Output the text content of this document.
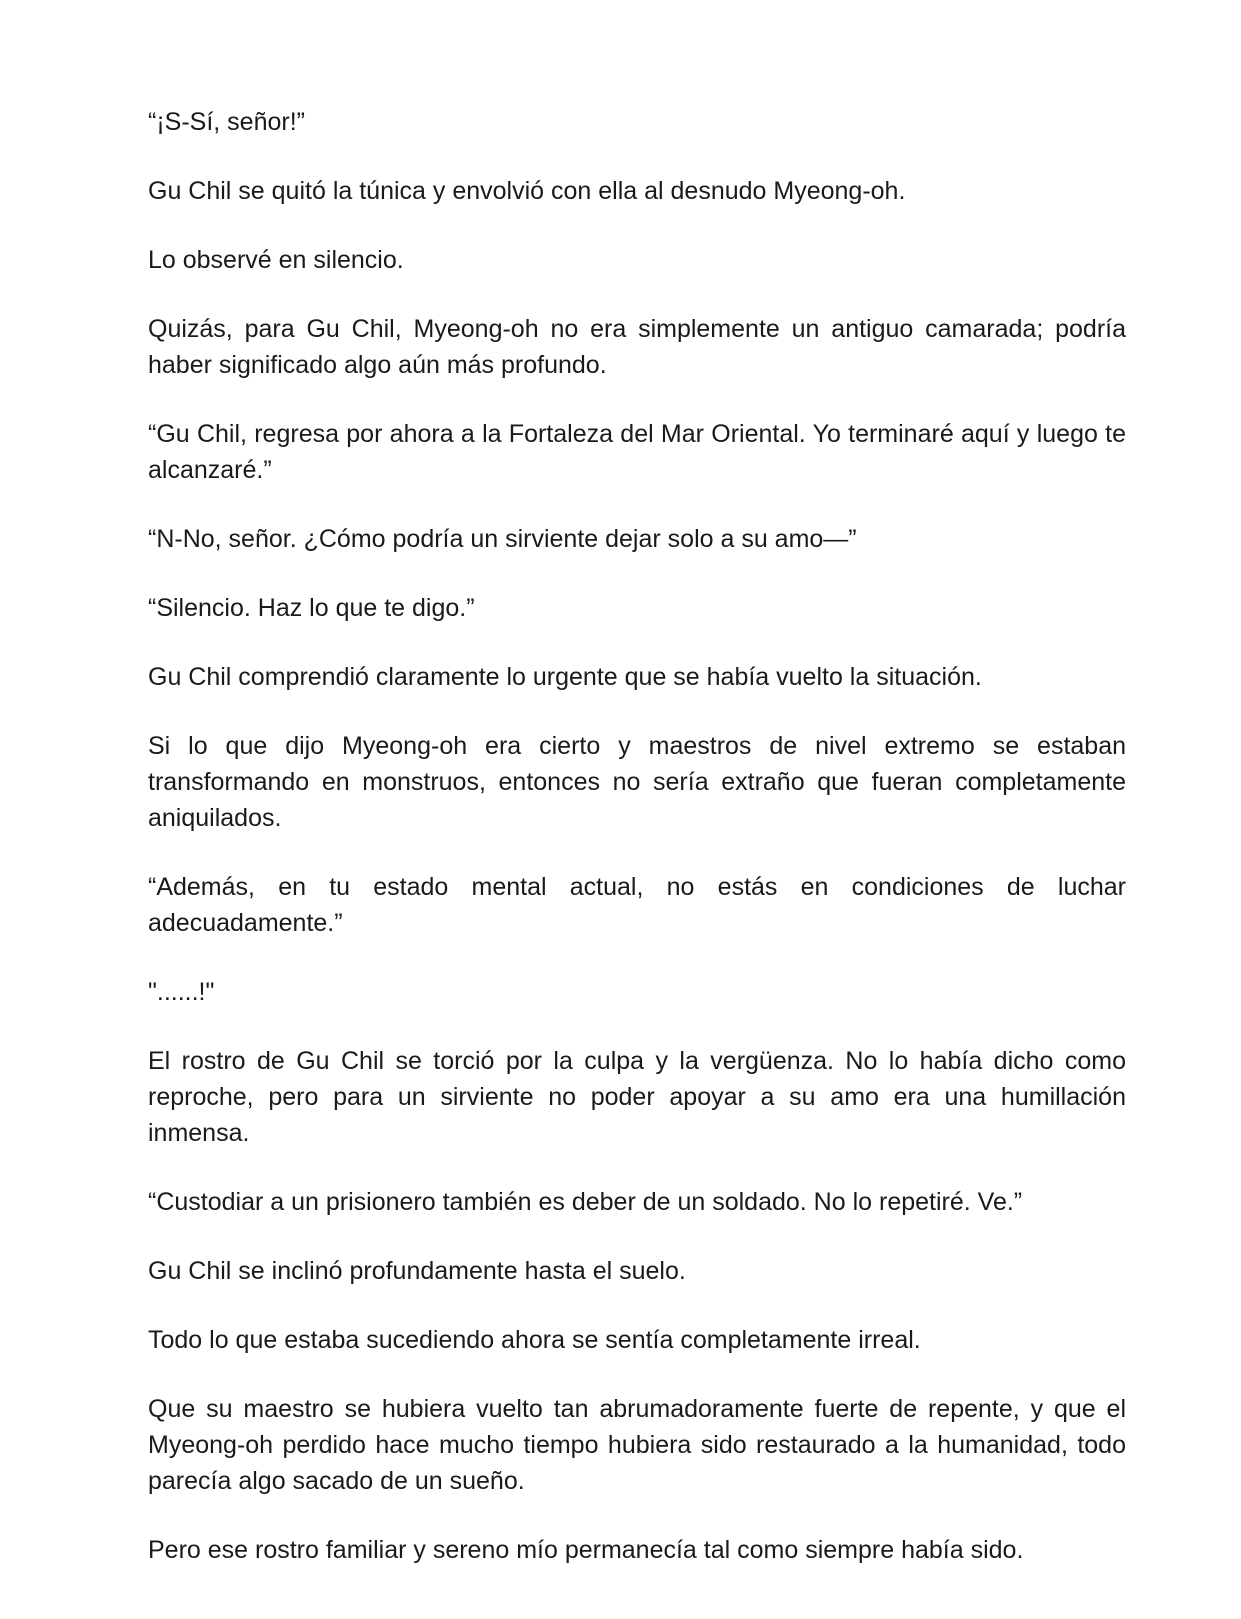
“¡S-Sí, señor!”

Gu Chil se quitó la túnica y envolvió con ella al desnudo Myeong-oh.

Lo observé en silencio.

Quizás, para Gu Chil, Myeong-oh no era simplemente un antiguo camarada; podría haber significado algo aún más profundo.

“Gu Chil, regresa por ahora a la Fortaleza del Mar Oriental. Yo terminaré aquí y luego te alcanzaré.”

“N-No, señor. ¿Cómo podría un sirviente dejar solo a su amo—”

“Silencio. Haz lo que te digo.”

Gu Chil comprendió claramente lo urgente que se había vuelto la situación.

Si lo que dijo Myeong-oh era cierto y maestros de nivel extremo se estaban transformando en monstruos, entonces no sería extraño que fueran completamente aniquilados.

“Además, en tu estado mental actual, no estás en condiciones de luchar adecuadamente.”

"......!"

El rostro de Gu Chil se torció por la culpa y la vergüenza. No lo había dicho como reproche, pero para un sirviente no poder apoyar a su amo era una humillación inmensa.

“Custodiar a un prisionero también es deber de un soldado. No lo repetiré. Ve.”

Gu Chil se inclinó profundamente hasta el suelo.

Todo lo que estaba sucediendo ahora se sentía completamente irreal.

Que su maestro se hubiera vuelto tan abrumadoramente fuerte de repente, y que el Myeong-oh perdido hace mucho tiempo hubiera sido restaurado a la humanidad, todo parecía algo sacado de un sueño.

Pero ese rostro familiar y sereno mío permanecía tal como siempre había sido.
